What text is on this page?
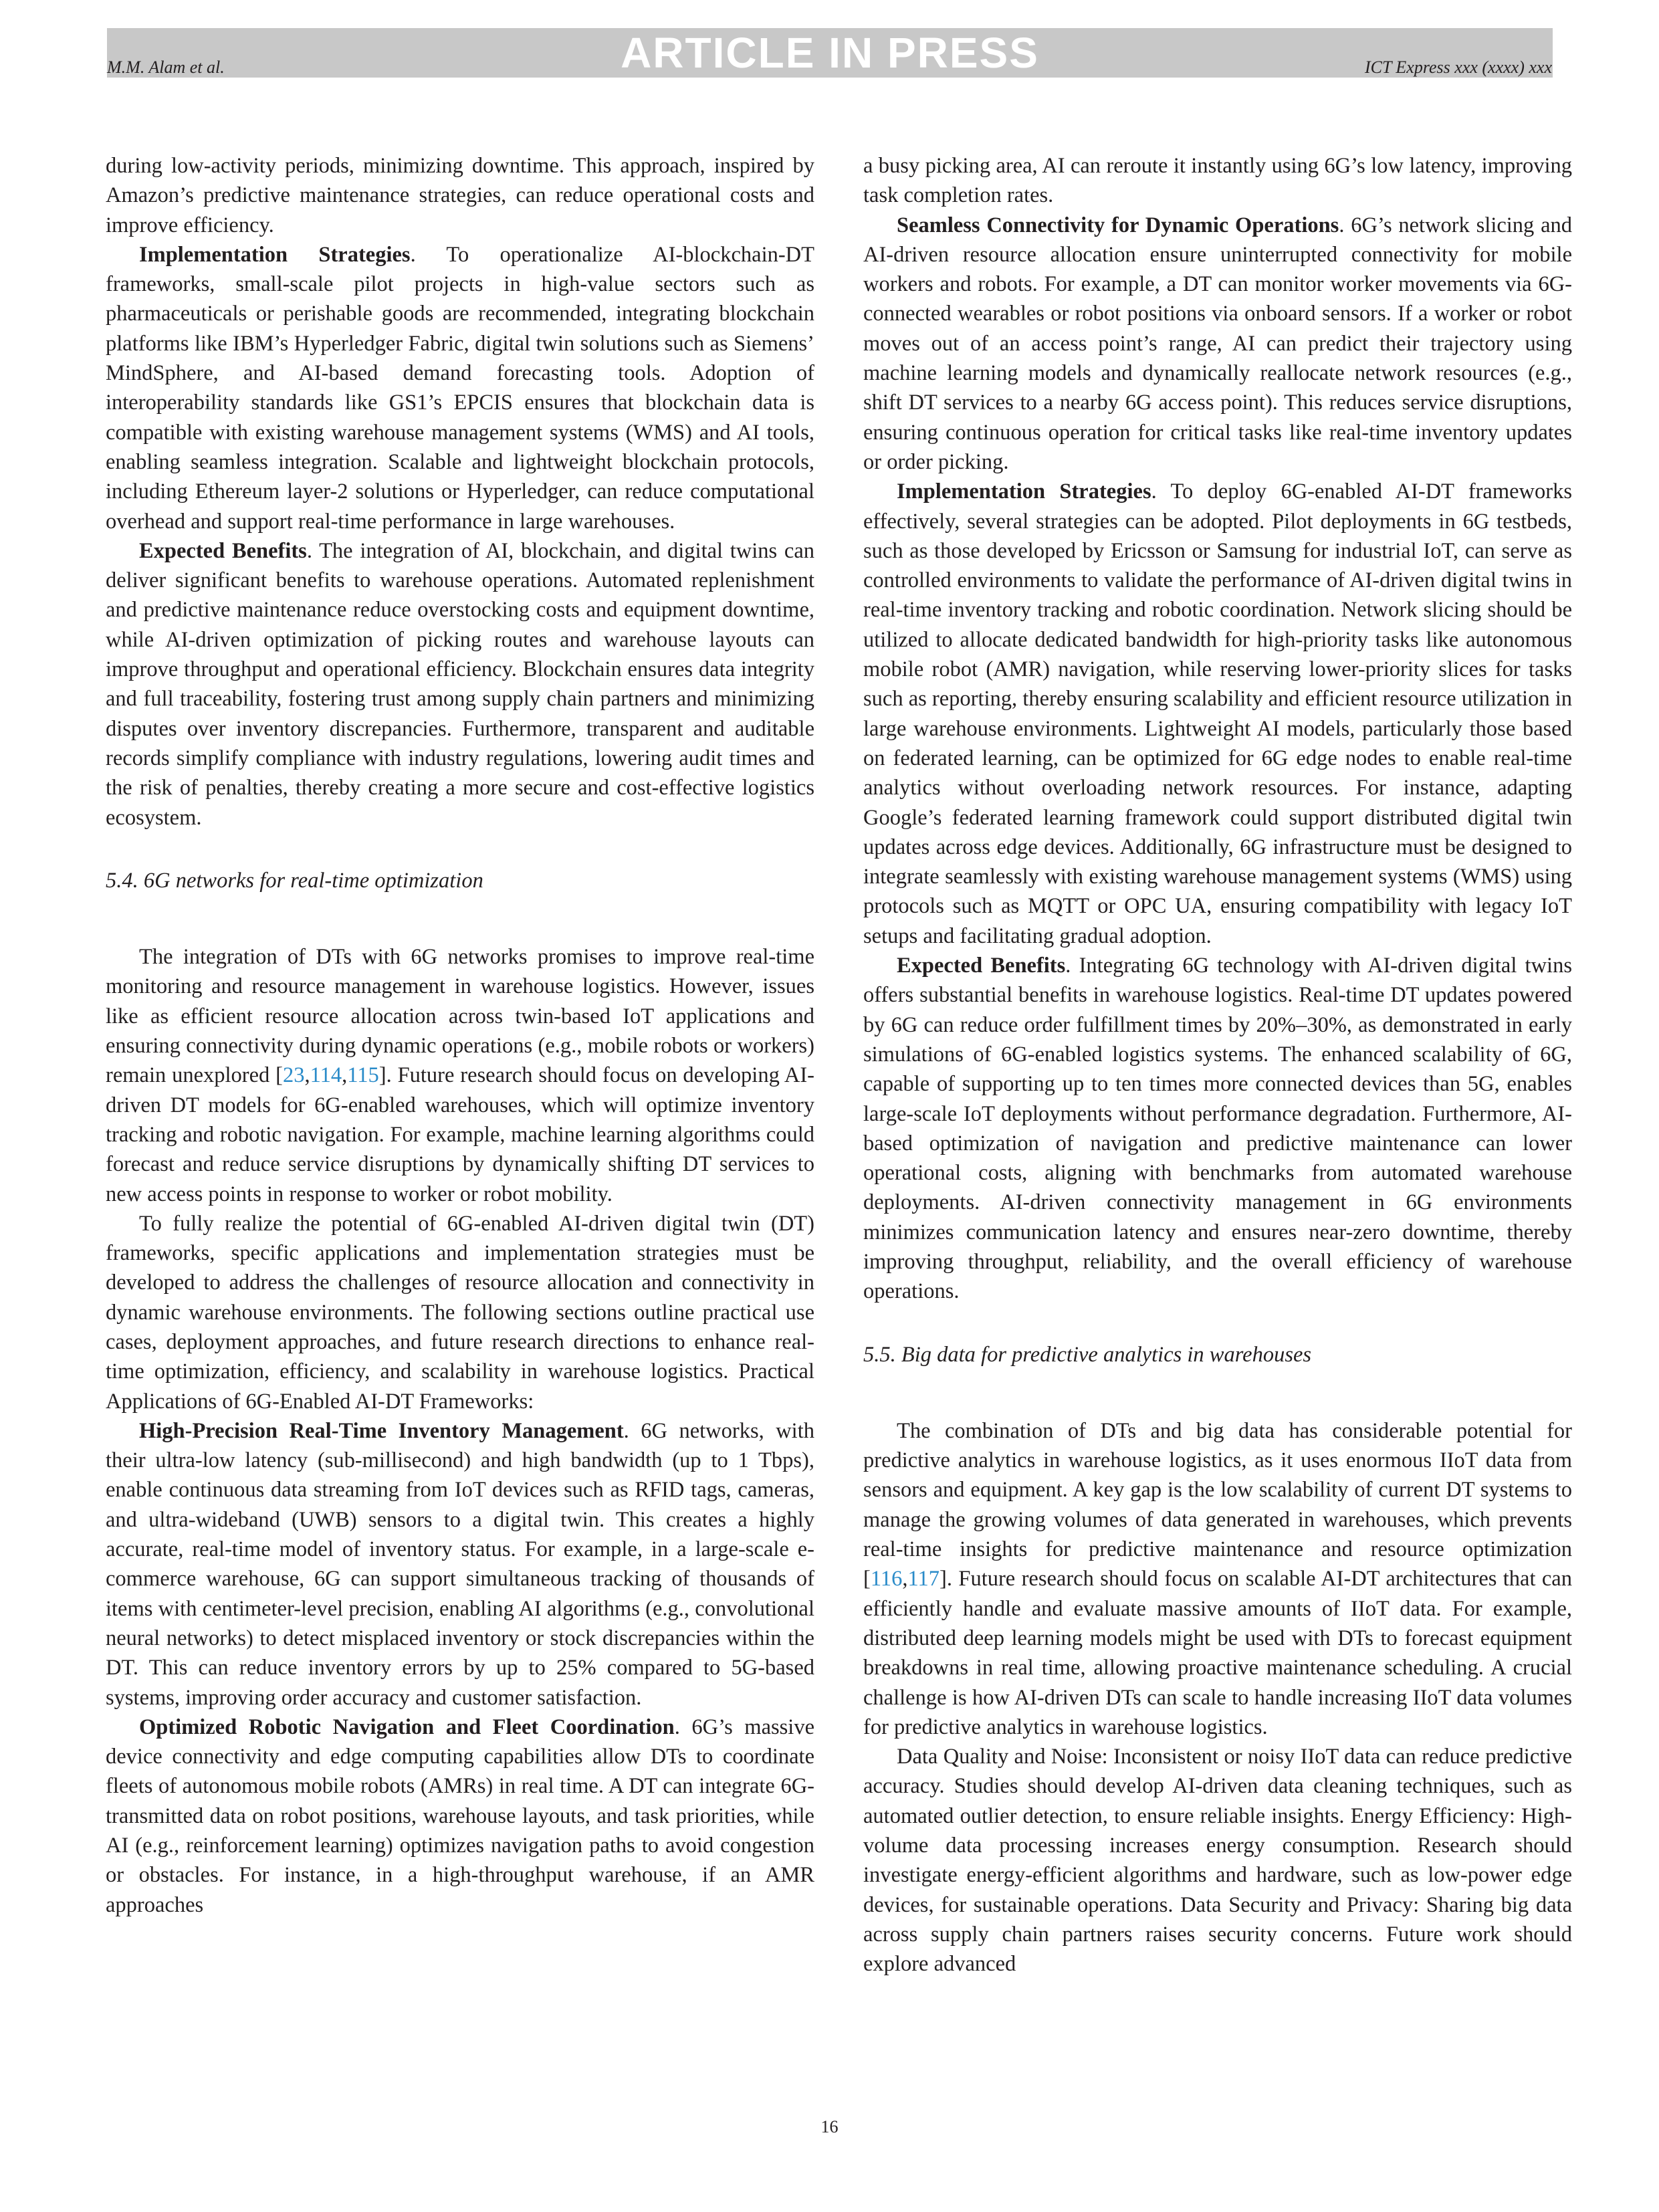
ARTICLE IN PRESS
M.M. Alam et al.	ICT Express xxx (xxxx) xxx

during low-activity periods, minimizing downtime. This approach, inspired by Amazon’s predictive maintenance strategies, can reduce operational costs and improve efficiency.

Implementation Strategies. To operationalize AI-blockchain-DT frameworks, small-scale pilot projects in high-value sectors such as pharmaceuticals or perishable goods are recommended, integrating blockchain platforms like IBM’s Hyperledger Fabric, digital twin solutions such as Siemens’ MindSphere, and AI-based demand forecasting tools. Adoption of interoperability standards like GS1’s EPCIS ensures that blockchain data is compatible with existing warehouse management systems (WMS) and AI tools, enabling seamless integration. Scalable and lightweight blockchain protocols, including Ethereum layer-2 solutions or Hyperledger, can reduce computational overhead and support real-time performance in large warehouses.

Expected Benefits. The integration of AI, blockchain, and digital twins can deliver significant benefits to warehouse operations. Automated replenishment and predictive maintenance reduce overstocking costs and equipment downtime, while AI-driven optimization of picking routes and warehouse layouts can improve throughput and operational efficiency. Blockchain ensures data integrity and full traceability, fostering trust among supply chain partners and minimizing disputes over inventory discrepancies. Furthermore, transparent and auditable records simplify compliance with industry regulations, lowering audit times and the risk of penalties, thereby creating a more secure and cost-effective logistics ecosystem.

5.4. 6G networks for real-time optimization

The integration of DTs with 6G networks promises to improve real-time monitoring and resource management in warehouse logistics. However, issues like as efficient resource allocation across twin-based IoT applications and ensuring connectivity during dynamic operations (e.g., mobile robots or workers) remain unexplored [23,114,115]. Future research should focus on developing AI-driven DT models for 6G-enabled warehouses, which will optimize inventory tracking and robotic navigation. For example, machine learning algorithms could forecast and reduce service disruptions by dynamically shifting DT services to new access points in response to worker or robot mobility.

To fully realize the potential of 6G-enabled AI-driven digital twin (DT) frameworks, specific applications and implementation strategies must be developed to address the challenges of resource allocation and connectivity in dynamic warehouse environments. The following sections outline practical use cases, deployment approaches, and future research directions to enhance real-time optimization, efficiency, and scalability in warehouse logistics. Practical Applications of 6G-Enabled AI-DT Frameworks:

High-Precision Real-Time Inventory Management. 6G networks, with their ultra-low latency (sub-millisecond) and high bandwidth (up to 1 Tbps), enable continuous data streaming from IoT devices such as RFID tags, cameras, and ultra-wideband (UWB) sensors to a digital twin. This creates a highly accurate, real-time model of inventory status. For example, in a large-scale e-commerce warehouse, 6G can support simultaneous tracking of thousands of items with centimeter-level precision, enabling AI algorithms (e.g., convolutional neural networks) to detect misplaced inventory or stock discrepancies within the DT. This can reduce inventory errors by up to 25% compared to 5G-based systems, improving order accuracy and customer satisfaction.

Optimized Robotic Navigation and Fleet Coordination. 6G’s massive device connectivity and edge computing capabilities allow DTs to coordinate fleets of autonomous mobile robots (AMRs) in real time. A DT can integrate 6G-transmitted data on robot positions, warehouse layouts, and task priorities, while AI (e.g., reinforcement learning) optimizes navigation paths to avoid congestion or obstacles. For instance, in a high-throughput warehouse, if an AMR approaches

a busy picking area, AI can reroute it instantly using 6G’s low latency, improving task completion rates.

Seamless Connectivity for Dynamic Operations. 6G’s network slicing and AI-driven resource allocation ensure uninterrupted connectivity for mobile workers and robots. For example, a DT can monitor worker movements via 6G-connected wearables or robot positions via onboard sensors. If a worker or robot moves out of an access point’s range, AI can predict their trajectory using machine learning models and dynamically reallocate network resources (e.g., shift DT services to a nearby 6G access point). This reduces service disruptions, ensuring continuous operation for critical tasks like real-time inventory updates or order picking.

Implementation Strategies. To deploy 6G-enabled AI-DT frameworks effectively, several strategies can be adopted. Pilot deployments in 6G testbeds, such as those developed by Ericsson or Samsung for industrial IoT, can serve as controlled environments to validate the performance of AI-driven digital twins in real-time inventory tracking and robotic coordination. Network slicing should be utilized to allocate dedicated bandwidth for high-priority tasks like autonomous mobile robot (AMR) navigation, while reserving lower-priority slices for tasks such as reporting, thereby ensuring scalability and efficient resource utilization in large warehouse environments. Lightweight AI models, particularly those based on federated learning, can be optimized for 6G edge nodes to enable real-time analytics without overloading network resources. For instance, adapting Google’s federated learning framework could support distributed digital twin updates across edge devices. Additionally, 6G infrastructure must be designed to integrate seamlessly with existing warehouse management systems (WMS) using protocols such as MQTT or OPC UA, ensuring compatibility with legacy IoT setups and facilitating gradual adoption.

Expected Benefits. Integrating 6G technology with AI-driven digital twins offers substantial benefits in warehouse logistics. Real-time DT updates powered by 6G can reduce order fulfillment times by 20%–30%, as demonstrated in early simulations of 6G-enabled logistics systems. The enhanced scalability of 6G, capable of supporting up to ten times more connected devices than 5G, enables large-scale IoT deployments without performance degradation. Furthermore, AI-based optimization of navigation and predictive maintenance can lower operational costs, aligning with benchmarks from automated warehouse deployments. AI-driven connectivity management in 6G environments minimizes communication latency and ensures near-zero downtime, thereby improving throughput, reliability, and the overall efficiency of warehouse operations.

5.5. Big data for predictive analytics in warehouses

The combination of DTs and big data has considerable potential for predictive analytics in warehouse logistics, as it uses enormous IIoT data from sensors and equipment. A key gap is the low scalability of current DT systems to manage the growing volumes of data generated in warehouses, which prevents real-time insights for predictive maintenance and resource optimization [116,117]. Future research should focus on scalable AI-DT architectures that can efficiently handle and evaluate massive amounts of IIoT data. For example, distributed deep learning models might be used with DTs to forecast equipment breakdowns in real time, allowing proactive maintenance scheduling. A crucial challenge is how AI-driven DTs can scale to handle increasing IIoT data volumes for predictive analytics in warehouse logistics.

Data Quality and Noise: Inconsistent or noisy IIoT data can reduce predictive accuracy. Studies should develop AI-driven data cleaning techniques, such as automated outlier detection, to ensure reliable insights. Energy Efficiency: High-volume data processing increases energy consumption. Research should investigate energy-efficient algorithms and hardware, such as low-power edge devices, for sustainable operations. Data Security and Privacy: Sharing big data across supply chain partners raises security concerns. Future work should explore advanced

16
